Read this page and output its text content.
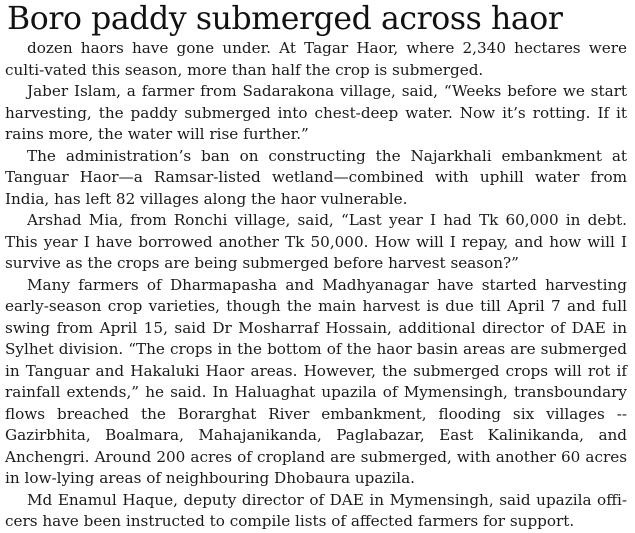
Boro paddy submerged across haor

dozen haors have gone under. At Tagar Haor, where 2,340 hectares were culti - vated this season, more than half the crop is submerged.

Jaber Islam, a farmer from Sadarakona village, said, “Weeks before we start harvesting, the paddy submerged into chest-deep water. Now it’s rotting. If it rains more, the water will rise further.”

The administration’s ban on constructing the Najarkhali embankment at Tanguar Haor—a Ramsar-listed wetland—combined with uphill water from India, has left 82 villages along the haor vulnerable.

Arshad Mia, from Ronchi village, said, “Last year I had Tk 60,000 in debt. This year I have borrowed another Tk 50,000. How will I repay, and how will I survive as the crops are being submerged before harvest season?”

Many farmers of Dharmapasha and Madhyanagar have started harvesting early-season crop varieties, though the main harvest is due till April 7 and full swing from April 15, said Dr Mosharraf Hossain, additional director of DAE in Sylhet division. “The crops in the bottom of the haor basin areas are submerged in Tanguar and Hakaluki Haor areas. However, the submerged crops will rot if rainfall extends,” he said. In Haluaghat upazila of Mymensingh, transboundary flows breached the Borarghat River embankment, flooding six villages -- Gazirbhita, Boalmara, Mahajanikanda, Paglabazar, East Kalinikanda, and Anchengri. Around 200 acres of cropland are submerged, with another 60 acres in low-lying areas of neighbouring Dhobaura upazila.

Md Enamul Haque, deputy director of DAE in Mymensingh, said upazila offi -cers have been instructed to compile lists of affected farmers for support.
